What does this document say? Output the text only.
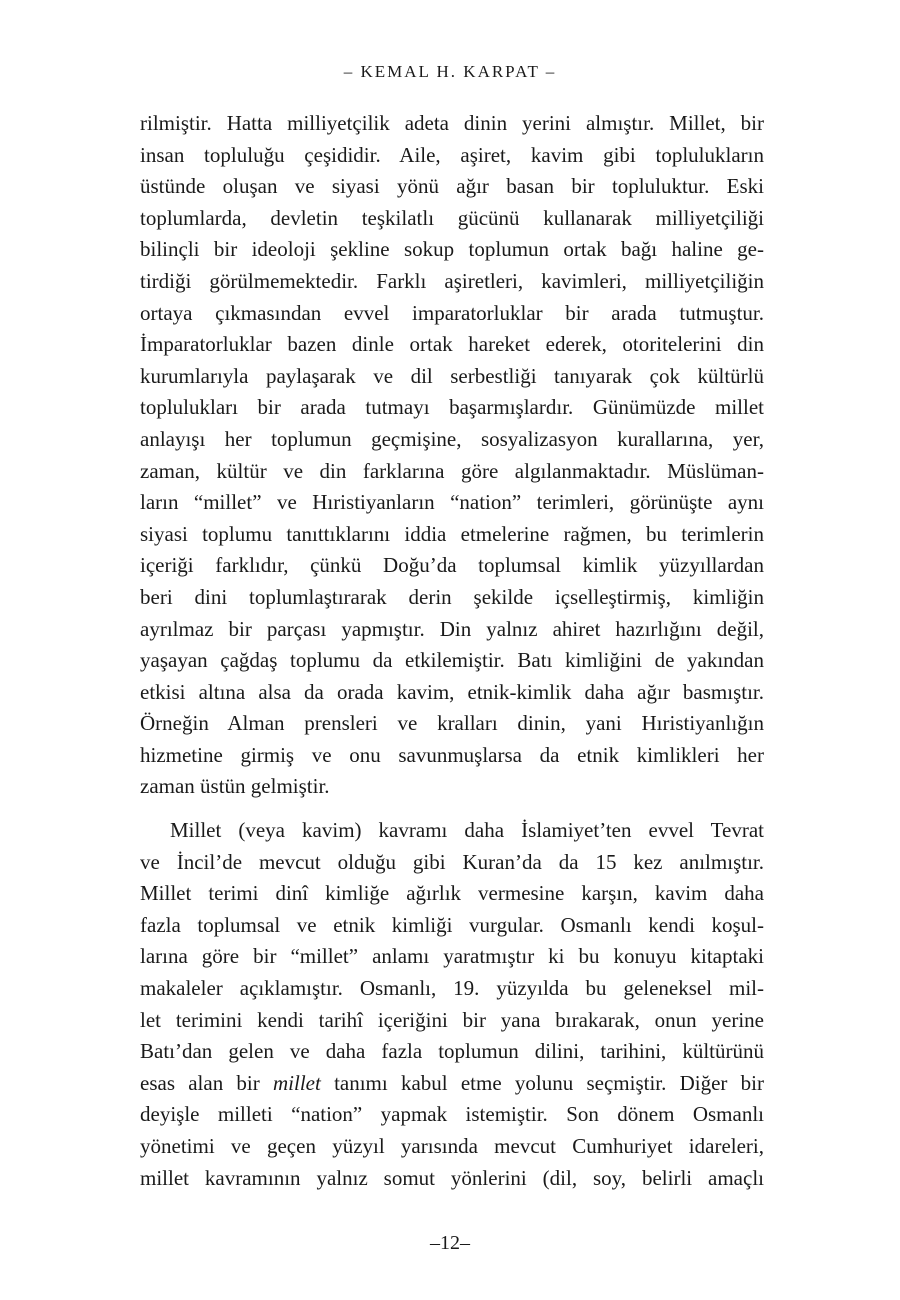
– KEMAL H. KARPAT –
rilmiştir. Hatta milliyetçilik adeta dinin yerini almıştır. Millet, bir
insan topluluğu çeşididir. Aile, aşiret, kavim gibi toplulukların
üstünde oluşan ve siyasi yönü ağır basan bir topluluktur. Eski
toplumlarda, devletin teşkilatlı gücünü kullanarak milliyetçiliği
bilinçli bir ideoloji şekline sokup toplumun ortak bağı haline ge-
tirdiği görülmemektedir. Farklı aşiretleri, kavimleri, milliyetçiliğin
ortaya çıkmasından evvel imparatorluklar bir arada tutmuştur.
İmparatorluklar bazen dinle ortak hareket ederek, otoritelerini din
kurumlarıyla paylaşarak ve dil serbestliği tanıyarak çok kültürlü
toplulukları bir arada tutmayı başarmışlardır. Günümüzde millet
anlayışı her toplumun geçmişine, sosyalizasyon kurallarına, yer,
zaman, kültür ve din farklarına göre algılanmaktadır. Müslüman-
ların “millet” ve Hıristiyanların “nation” terimleri, görünüşte aynı
siyasi toplumu tanıttıklarını iddia etmelerine rağmen, bu terimlerin
içeriği farklıdır, çünkü Doğu’da toplumsal kimlik yüzyıllardan
beri dini toplumlaştırarak derin şekilde içselleştirmiş, kimliğin
ayrılmaz bir parçası yapmıştır. Din yalnız ahiret hazırlığını değil,
yaşayan çağdaş toplumu da etkilemiştir. Batı kimliğini de yakından
etkisi altına alsa da orada kavim, etnik-kimlik daha ağır basmıştır.
Örneğin Alman prensleri ve kralları dinin, yani Hıristiyanlığın
hizmetine girmiş ve onu savunmuşlarsa da etnik kimlikleri her
zaman üstün gelmiştir.
Millet (veya kavim) kavramı daha İslamiyet’ten evvel Tevrat
ve İncil’de mevcut olduğu gibi Kuran’da da 15 kez anılmıştır.
Millet terimi dinî kimliğe ağırlık vermesine karşın, kavim daha
fazla toplumsal ve etnik kimliği vurgular. Osmanlı kendi koşul-
larına göre bir “millet” anlamı yaratmıştır ki bu konuyu kitaptaki
makaleler açıklamıştır. Osmanlı, 19. yüzyılda bu geleneksel mil-
let terimini kendi tarihî içeriğini bir yana bırakarak, onun yerine
Batı’dan gelen ve daha fazla toplumun dilini, tarihini, kültürünü
esas alan bir millet tanımı kabul etme yolunu seçmiştir. Diğer bir
deyişle milleti “nation” yapmak istemiştir. Son dönem Osmanlı
yönetimi ve geçen yüzyıl yarısında mevcut Cumhuriyet idareleri,
millet kavramının yalnız somut yönlerini (dil, soy, belirli amaçlı
–12–
